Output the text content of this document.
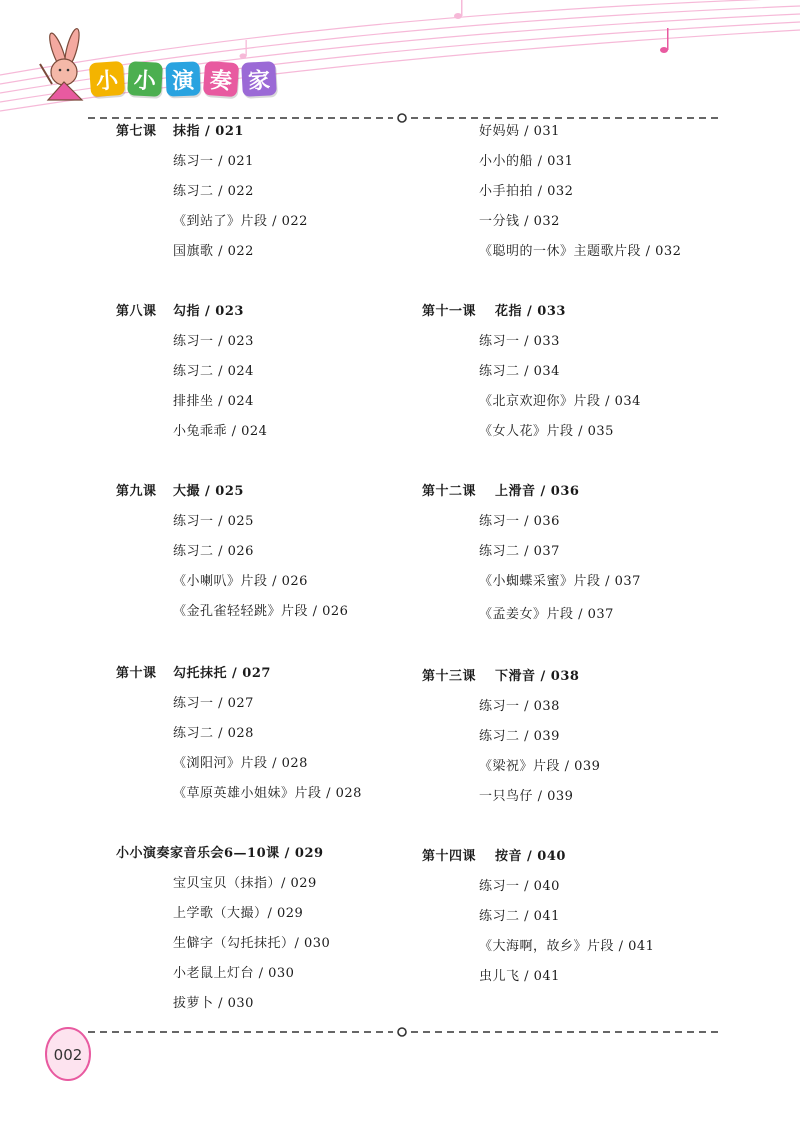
小 小 演 奏 家
第七课 抹指 / 021
练习一 / 021
练习二 / 022
《到站了》片段 / 022
国旗歌 / 022
第八课 勾指 / 023
练习一 / 023
练习二 / 024
排排坐 / 024
小兔乖乖 / 024
第九课 大撮 / 025
练习一 / 025
练习二 / 026
《小喇叭》片段 / 026
《金孔雀轻轻跳》片段 / 026
第十课 勾托抹托 / 027
练习一 / 027
练习二 / 028
《浏阳河》片段 / 028
《草原英雄小姐妹》片段 / 028
小小演奏家音乐会6—10课 / 029
宝贝宝贝（抹指）/ 029
上学歌（大撮）/ 029
生僻字（勾托抹托）/ 030
小老鼠上灯台 / 030
拔萝卜 / 030
好妈妈 / 031
小小的船 / 031
小手拍拍 / 032
一分钱 / 032
《聪明的一休》主题歌片段 / 032
第十一课 花指 / 033
练习一 / 033
练习二 / 034
《北京欢迎你》片段 / 034
《女人花》片段 / 035
第十二课 上滑音 / 036
练习一 / 036
练习二 / 037
《小蜘蝶采蜜》片段 / 037
《孟姜女》片段 / 037
第十三课 下滑音 / 038
练习一 / 038
练习二 / 039
《梁祝》片段 / 039
一只鸟仔 / 039
第十四课 按音 / 040
练习一 / 040
练习二 / 041
《大海啊，故乡》片段 / 041
虫儿飞 / 041
002
